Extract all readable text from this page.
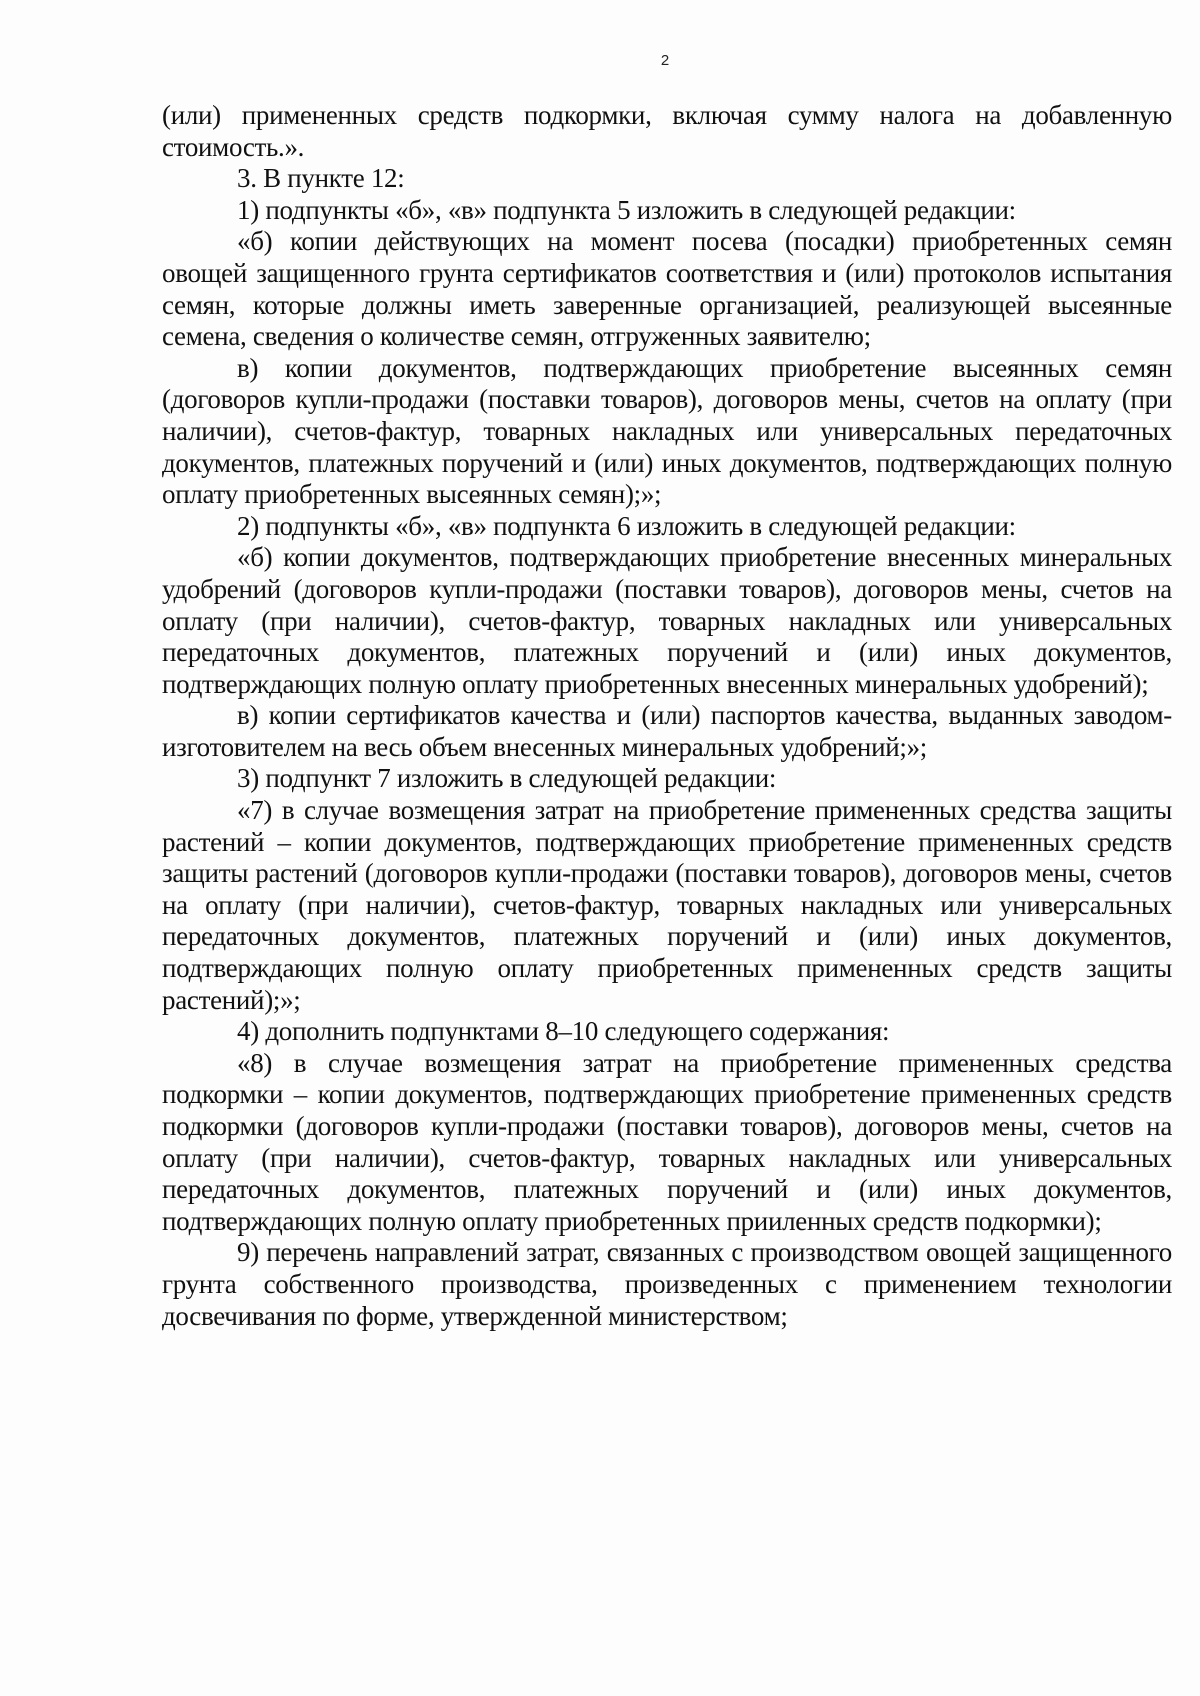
2

(или) примененных средств подкормки, включая сумму налога на добавленную стоимость.».

3. В пункте 12:

1) подпункты «б», «в» подпункта 5 изложить в следующей редакции:

«б) копии действующих на момент посева (посадки) приобретенных семян овощей защищенного грунта сертификатов соответствия и (или) протоколов испытания семян, которые должны иметь заверенные организацией, реализующей высеянные семена, сведения о количестве семян, отгруженных заявителю;

в) копии документов, подтверждающих приобретение высеянных семян (договоров купли-продажи (поставки товаров), договоров мены, счетов на оплату (при наличии), счетов-фактур, товарных накладных или универсальных передаточных документов, платежных поручений и (или) иных документов, подтверждающих полную оплату приобретенных высеянных семян);»;

2) подпункты «б», «в» подпункта 6 изложить в следующей редакции:

«б) копии документов, подтверждающих приобретение внесенных минеральных удобрений (договоров купли-продажи (поставки товаров), договоров мены, счетов на оплату (при наличии), счетов-фактур, товарных накладных или универсальных передаточных документов, платежных поручений и (или) иных документов, подтверждающих полную оплату приобретенных внесенных минеральных удобрений);

в) копии сертификатов качества и (или) паспортов качества, выданных заводом-изготовителем на весь объем внесенных минеральных удобрений;»;

3) подпункт 7 изложить в следующей редакции:

«7) в случае возмещения затрат на приобретение примененных средства защиты растений – копии документов, подтверждающих приобретение примененных средств защиты растений (договоров купли-продажи (поставки товаров), договоров мены, счетов на оплату (при наличии), счетов-фактур, товарных накладных или универсальных передаточных документов, платежных поручений и (или) иных документов, подтверждающих полную оплату приобретенных примененных средств защиты растений);»;

4) дополнить подпунктами 8–10 следующего содержания:

«8) в случае возмещения затрат на приобретение примененных средства подкормки – копии документов, подтверждающих приобретение примененных средств подкормки (договоров купли-продажи (поставки товаров), договоров мены, счетов на оплату (при наличии), счетов-фактур, товарных накладных или универсальных передаточных документов, платежных поручений и (или) иных документов, подтверждающих полную оплату приобретенных прииленных средств подкормки);

9) перечень направлений затрат, связанных с производством овощей защищенного грунта собственного производства, произведенных с применением технологии досвечивания по форме, утвержденной министерством;
